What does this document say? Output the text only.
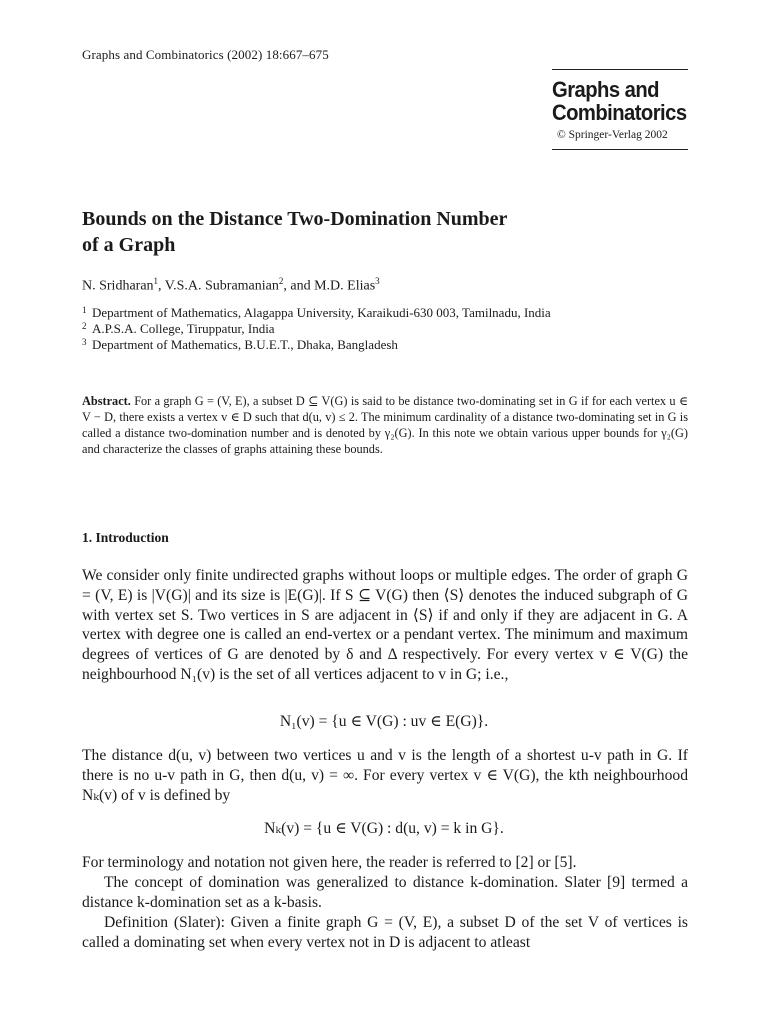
Graphs and Combinatorics (2002) 18:667–675
Graphs and
Combinatorics
© Springer-Verlag 2002
Bounds on the Distance Two-Domination Number
of a Graph
N. Sridharan$^1$, V.S.A. Subramanian$^2$, and M.D. Elias$^3$
1 Department of Mathematics, Alagappa University, Karaikudi-630 003, Tamilnadu, India
2 A.P.S.A. College, Tiruppatur, India
3 Department of Mathematics, B.U.E.T., Dhaka, Bangladesh
Abstract. For a graph G = (V, E), a subset D ⊆ V(G) is said to be distance two-dominating set in G if for each vertex u ∈ V − D, there exists a vertex v ∈ D such that d(u, v) ≤ 2. The minimum cardinality of a distance two-dominating set in G is called a distance two-domination number and is denoted by γ₂(G). In this note we obtain various upper bounds for γ₂(G) and characterize the classes of graphs attaining these bounds.
1. Introduction
We consider only finite undirected graphs without loops or multiple edges. The order of graph G = (V, E) is |V(G)| and its size is |E(G)|. If S ⊆ V(G) then ⟨S⟩ denotes the induced subgraph of G with vertex set S. Two vertices in S are adjacent in ⟨S⟩ if and only if they are adjacent in G. A vertex with degree one is called an end-vertex or a pendant vertex. The minimum and maximum degrees of vertices of G are denoted by δ and Δ respectively. For every vertex v ∈ V(G) the neighbourhood N₁(v) is the set of all vertices adjacent to v in G; i.e.,
N₁(v) = {u ∈ V(G) : uv ∈ E(G)}.
The distance d(u, v) between two vertices u and v is the length of a shortest u-v path in G. If there is no u-v path in G, then d(u, v) = ∞. For every vertex v ∈ V(G), the kth neighbourhood Nₖ(v) of v is defined by
Nₖ(v) = {u ∈ V(G) : d(u, v) = k in G}.
For terminology and notation not given here, the reader is referred to [2] or [5].
The concept of domination was generalized to distance k-domination. Slater [9] termed a distance k-domination set as a k-basis.
Definition (Slater): Given a finite graph G = (V, E), a subset D of the set V of vertices is called a dominating set when every vertex not in D is adjacent to atleast
